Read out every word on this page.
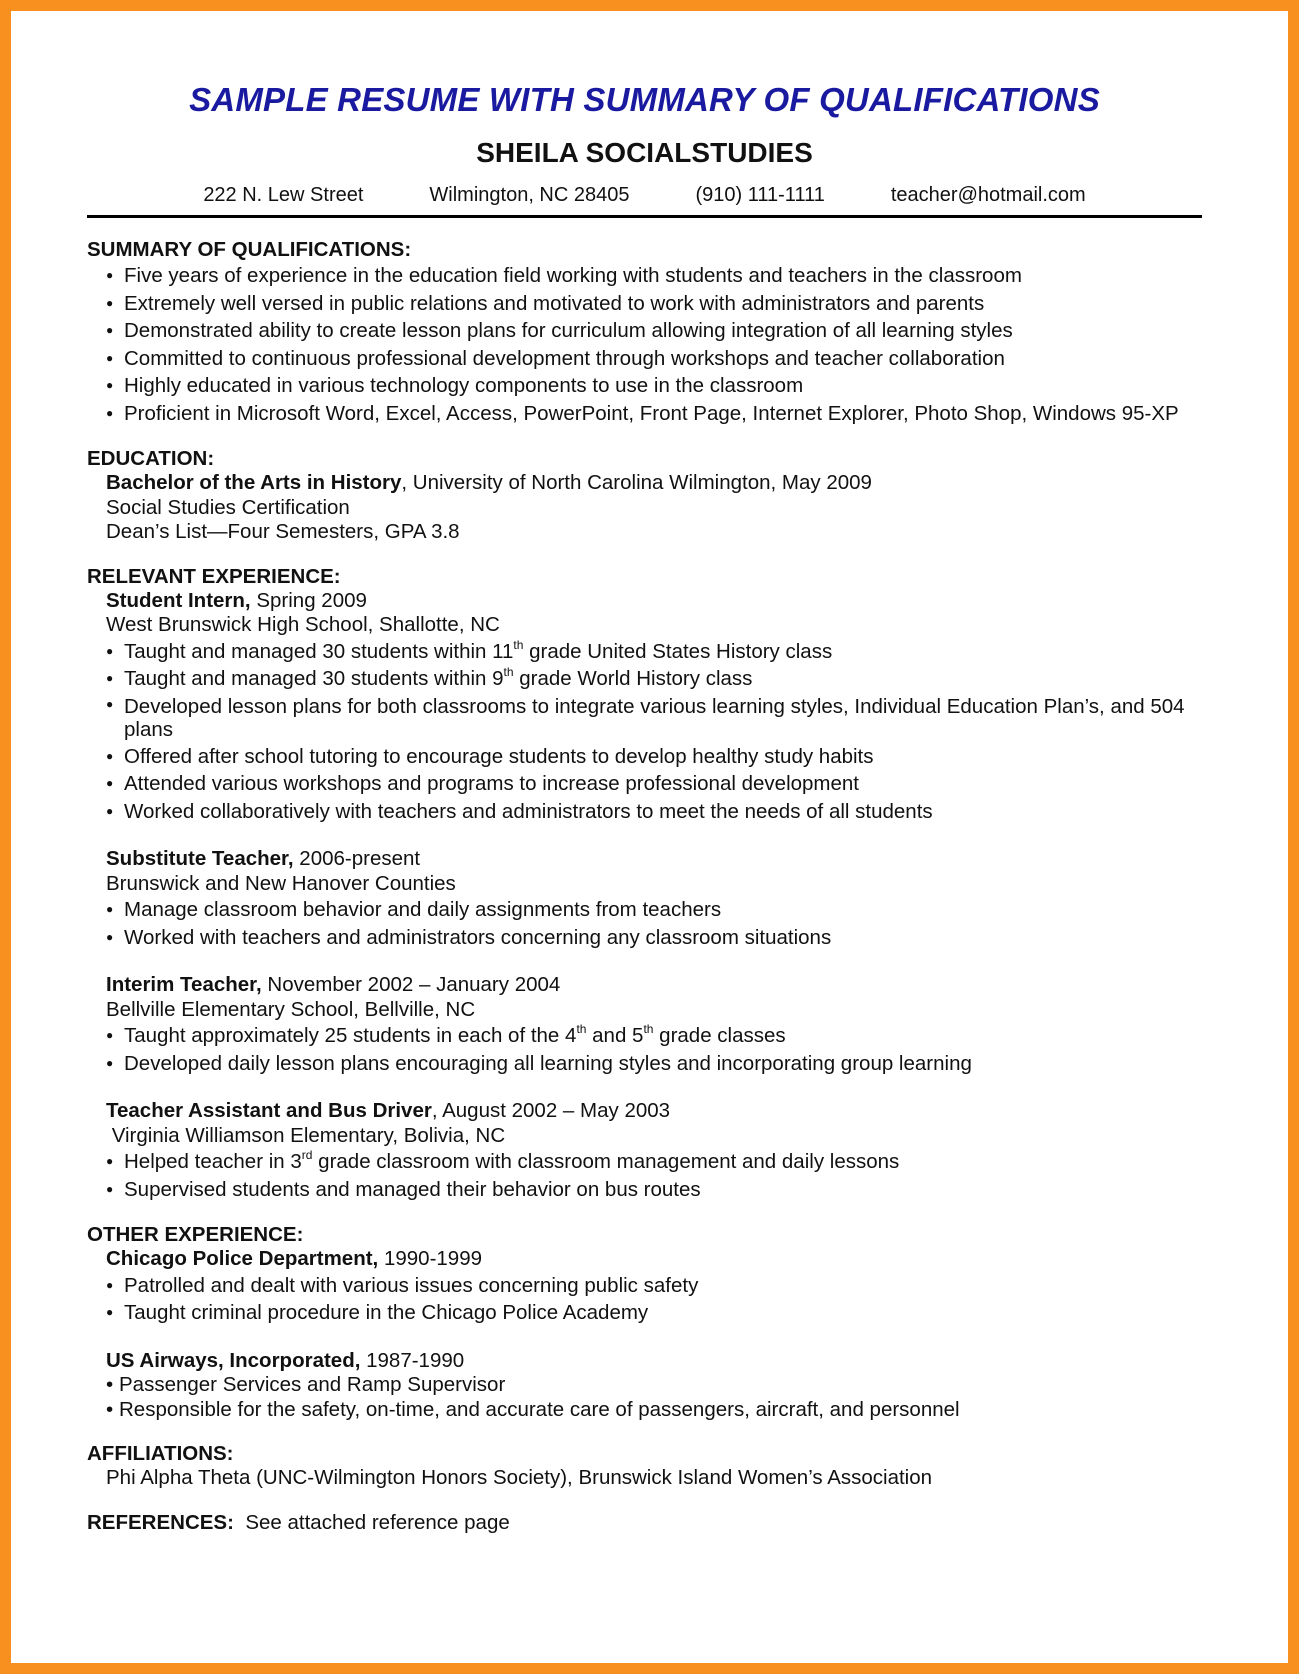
SAMPLE RESUME WITH SUMMARY OF QUALIFICATIONS
SHEILA SOCIALSTUDIES
222 N. Lew Street	Wilmington, NC 28405	(910) 111-1111	teacher@hotmail.com
SUMMARY OF QUALIFICATIONS:
● Five years of experience in the education field working with students and teachers in the classroom
● Extremely well versed in public relations and motivated to work with administrators and parents
● Demonstrated ability to create lesson plans for curriculum allowing integration of all learning styles
● Committed to continuous professional development through workshops and teacher collaboration
● Highly educated in various technology components to use in the classroom
● Proficient in Microsoft Word, Excel, Access, PowerPoint, Front Page, Internet Explorer, Photo Shop, Windows 95-XP
EDUCATION:
Bachelor of the Arts in History, University of North Carolina Wilmington, May 2009
Social Studies Certification
Dean’s List—Four Semesters, GPA 3.8
RELEVANT EXPERIENCE:
Student Intern, Spring 2009
West Brunswick High School, Shallotte, NC
● Taught and managed 30 students within 11th grade United States History class
● Taught and managed 30 students within 9th grade World History class
● Developed lesson plans for both classrooms to integrate various learning styles, Individual Education Plan’s, and 504
plans
● Offered after school tutoring to encourage students to develop healthy study habits
● Attended various workshops and programs to increase professional development
● Worked collaboratively with teachers and administrators to meet the needs of all students
Substitute Teacher, 2006-present
Brunswick and New Hanover Counties
● Manage classroom behavior and daily assignments from teachers
● Worked with teachers and administrators concerning any classroom situations
Interim Teacher, November 2002 – January 2004
Bellville Elementary School, Bellville, NC
● Taught approximately 25 students in each of the 4th and 5th grade classes
● Developed daily lesson plans encouraging all learning styles and incorporating group learning
Teacher Assistant and Bus Driver, August 2002 – May 2003
Virginia Williamson Elementary, Bolivia, NC
● Helped teacher in 3rd grade classroom with classroom management and daily lessons
● Supervised students and managed their behavior on bus routes
OTHER EXPERIENCE:
Chicago Police Department, 1990-1999
● Patrolled and dealt with various issues concerning public safety
● Taught criminal procedure in the Chicago Police Academy
US Airways, Incorporated, 1987-1990
• Passenger Services and Ramp Supervisor
• Responsible for the safety, on-time, and accurate care of passengers, aircraft, and personnel
AFFILIATIONS:
Phi Alpha Theta (UNC-Wilmington Honors Society), Brunswick Island Women’s Association
REFERENCES:  See attached reference page
